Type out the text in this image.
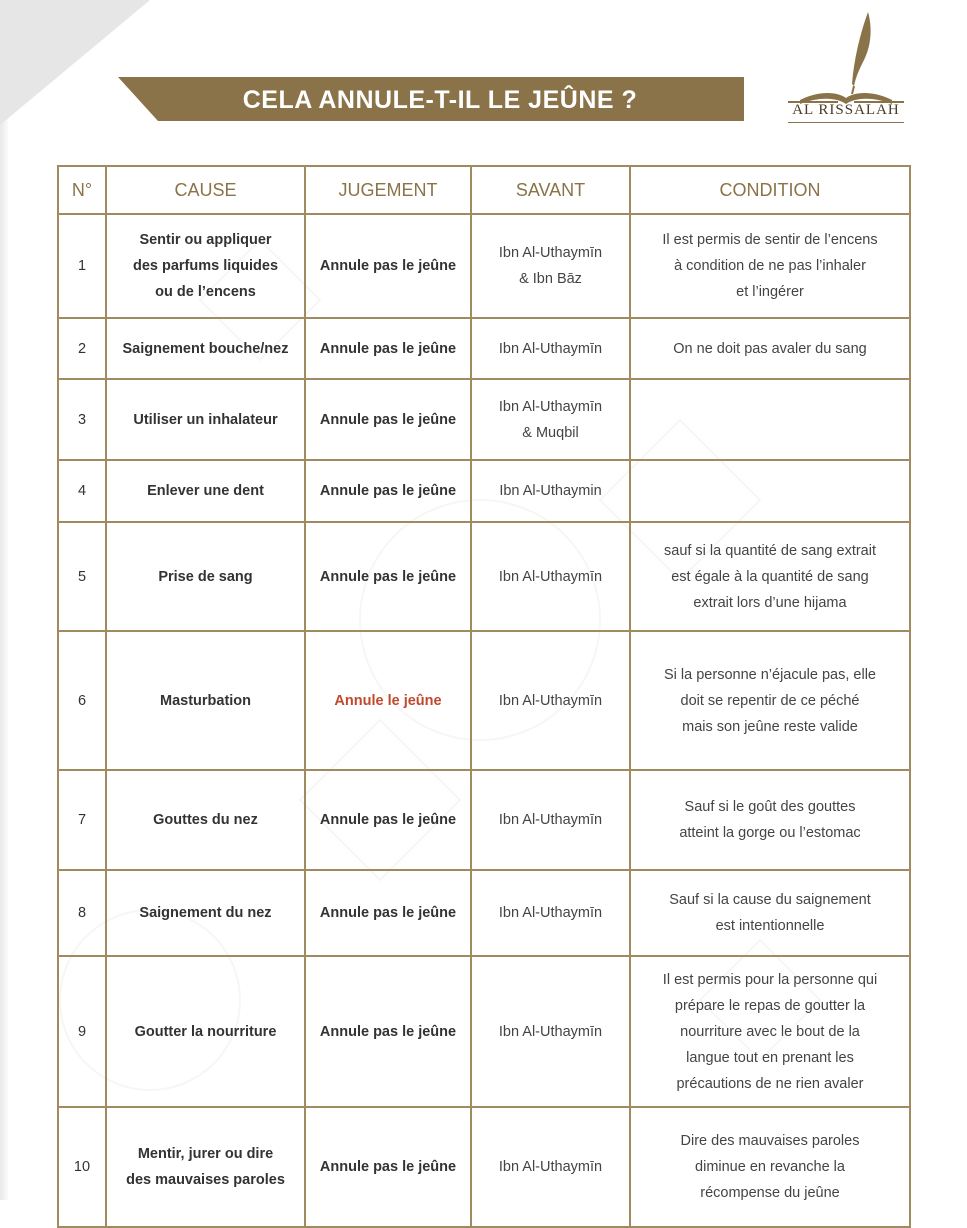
CELA ANNULE-T-IL LE JEÛNE ?	AL RISSALAH
N°	CAUSE	JUGEMENT	SAVANT	CONDITION
1	Sentir ou appliquer
des parfums liquides
ou de l’encens	Annule pas le jeûne	Ibn Al-Uthaymīn
& Ibn Bāz	Il est permis de sentir de l’encens
à condition de ne pas l’inhaler
et l’ingérer

2	Saignement bouche/nez	Annule pas le jeûne	Ibn Al-Uthaymīn	On ne doit pas avaler du sang

3	Utiliser un inhalateur	Annule pas le jeûne	Ibn Al-Uthaymīn
& Muqbil	

4	Enlever une dent	Annule pas le jeûne	Ibn Al-Uthaymin	

5	Prise de sang	Annule pas le jeûne	Ibn Al-Uthaymīn	sauf si la quantité de sang extrait
est égale à la quantité de sang
extrait lors d’une hijama

6	Masturbation	Annule le jeûne	Ibn Al-Uthaymīn	Si la personne n’éjacule pas, elle
doit se repentir de ce péché
mais son jeûne reste valide

7	Gouttes du nez	Annule pas le jeûne	Ibn Al-Uthaymīn	Sauf si le goût des gouttes
atteint la gorge ou l’estomac

8	Saignement du nez	Annule pas le jeûne	Ibn Al-Uthaymīn	Sauf si la cause du saignement
est intentionnelle

9	Goutter la nourriture	Annule pas le jeûne	Ibn Al-Uthaymīn	Il est permis pour la personne qui
prépare le repas de goutter la
nourriture avec le bout de la
langue tout en prenant les
précautions de ne rien avaler

10	Mentir, jurer ou dire
des mauvaises paroles	Annule pas le jeûne	Ibn Al-Uthaymīn	Dire des mauvaises paroles
diminue en revanche la
récompense du jeûne
